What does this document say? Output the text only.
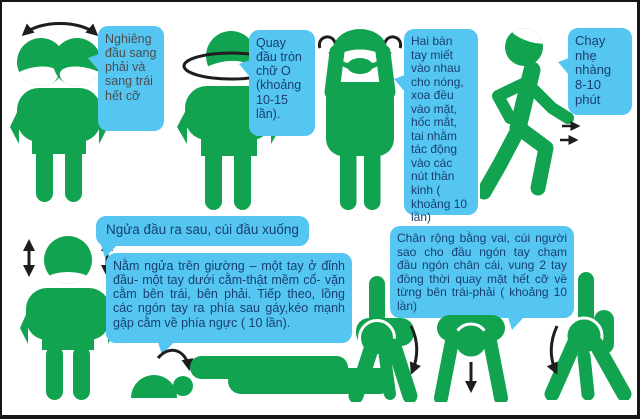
Nghiêng đầu sang phải và sang trái hết cỡ
Quay đầu tròn chữ O (khoảng 10-15 lần).
Hai bàn tay miết vào nhau cho nóng, xoa đều vào mặt, hốc mắt, tai nhằm tác động vào các nút thần kinh ( khoảng 10 lần)
Chạy nhẹ nhàng 8-10 phút
Ngửa đầu ra sau, cúi đầu xuống
Nằm ngửa trên giường – một tay ở đỉnh đầu- một tay dưới cằm-thật mềm cổ- vặn cằm bên trái, bên phải. Tiếp theo, lồng các ngón tay ra phía sau gáy,kéo mạnh gập cằm về phía ngực ( 10 lần).
Chân rộng bằng vai, cúi người sao cho đầu ngón tay chạm đầu ngón chân cái, vung 2 tay đồng thời quay mặt hết cỡ về từng bên trái-phải ( khoảng 10 lần)
